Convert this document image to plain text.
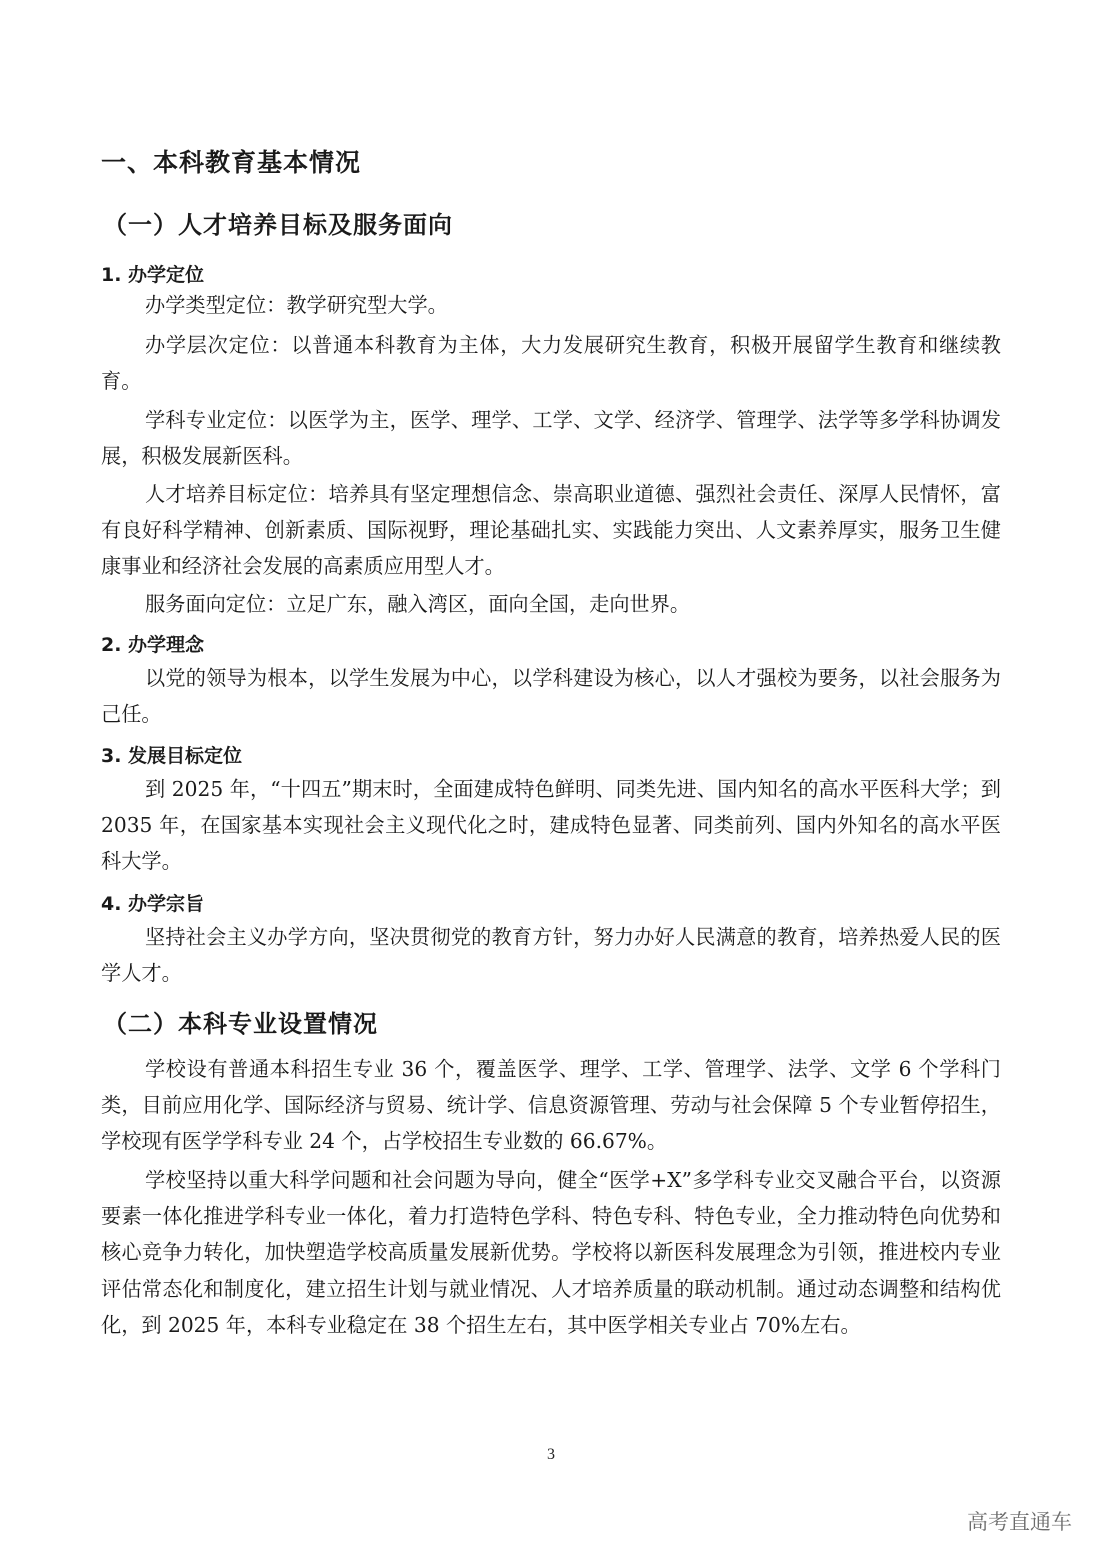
一、本科教育基本情况
（一）人才培养目标及服务面向
1. 办学定位

办学类型定位：教学研究型大学。

办学层次定位：以普通本科教育为主体，大力发展研究生教育，积极开展留学生教育和继续教育。

学科专业定位：以医学为主，医学、理学、工学、文学、经济学、管理学、法学等多学科协调发展，积极发展新医科。

人才培养目标定位：培养具有坚定理想信念、崇高职业道德、强烈社会责任、深厚人民情怀，富有良好科学精神、创新素质、国际视野，理论基础扎实、实践能力突出、人文素养厚实，服务卫生健康事业和经济社会发展的高素质应用型人才。

服务面向定位：立足广东，融入湾区，面向全国，走向世界。

2. 办学理念

以党的领导为根本，以学生发展为中心，以学科建设为核心，以人才强校为要务，以社会服务为己任。

3. 发展目标定位

到 2025 年，“十四五”期末时，全面建成特色鲜明、同类先进、国内知名的高水平医科大学；到 2035 年，在国家基本实现社会主义现代化之时，建成特色显著、同类前列、国内外知名的高水平医科大学。

4. 办学宗旨

坚持社会主义办学方向，坚决贯彻党的教育方针，努力办好人民满意的教育，培养热爱人民的医学人才。

（二）本科专业设置情况

学校设有普通本科招生专业 36 个，覆盖医学、理学、工学、管理学、法学、文学 6 个学科门类，目前应用化学、国际经济与贸易、统计学、信息资源管理、劳动与社会保障 5 个专业暂停招生，学校现有医学学科专业 24 个，占学校招生专业数的 66.67%。

学校坚持以重大科学问题和社会问题为导向，健全“医学+X”多学科专业交叉融合平台，以资源要素一体化推进学科专业一体化，着力打造特色学科、特色专科、特色专业，全力推动特色向优势和核心竞争力转化，加快塑造学校高质量发展新优势。学校将以新医科发展理念为引领，推进校内专业评估常态化和制度化，建立招生计划与就业情况、人才培养质量的联动机制。通过动态调整和结构优化，到 2025 年，本科专业稳定在 38 个招生左右，其中医学相关专业占 70%左右。

3
高考直通车
